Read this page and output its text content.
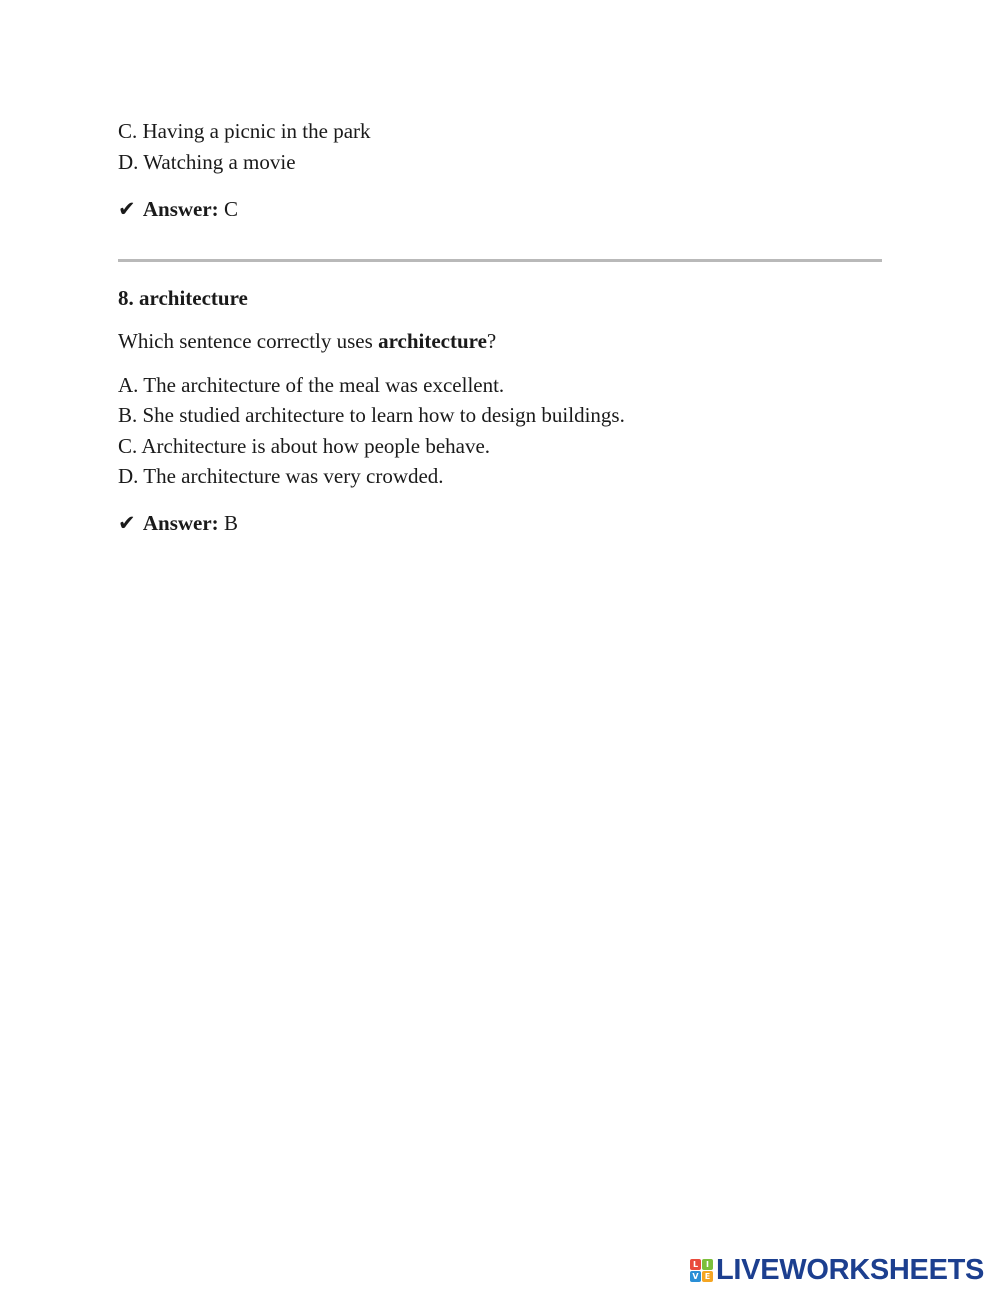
C. Having a picnic in the park
D. Watching a movie
✔ Answer: C
8. architecture
Which sentence correctly uses architecture?
A. The architecture of the meal was excellent.
B. She studied architecture to learn how to design buildings.
C. Architecture is about how people behave.
D. The architecture was very crowded.
✔ Answer: B
L I
V E LIVEWORKSHEETS
